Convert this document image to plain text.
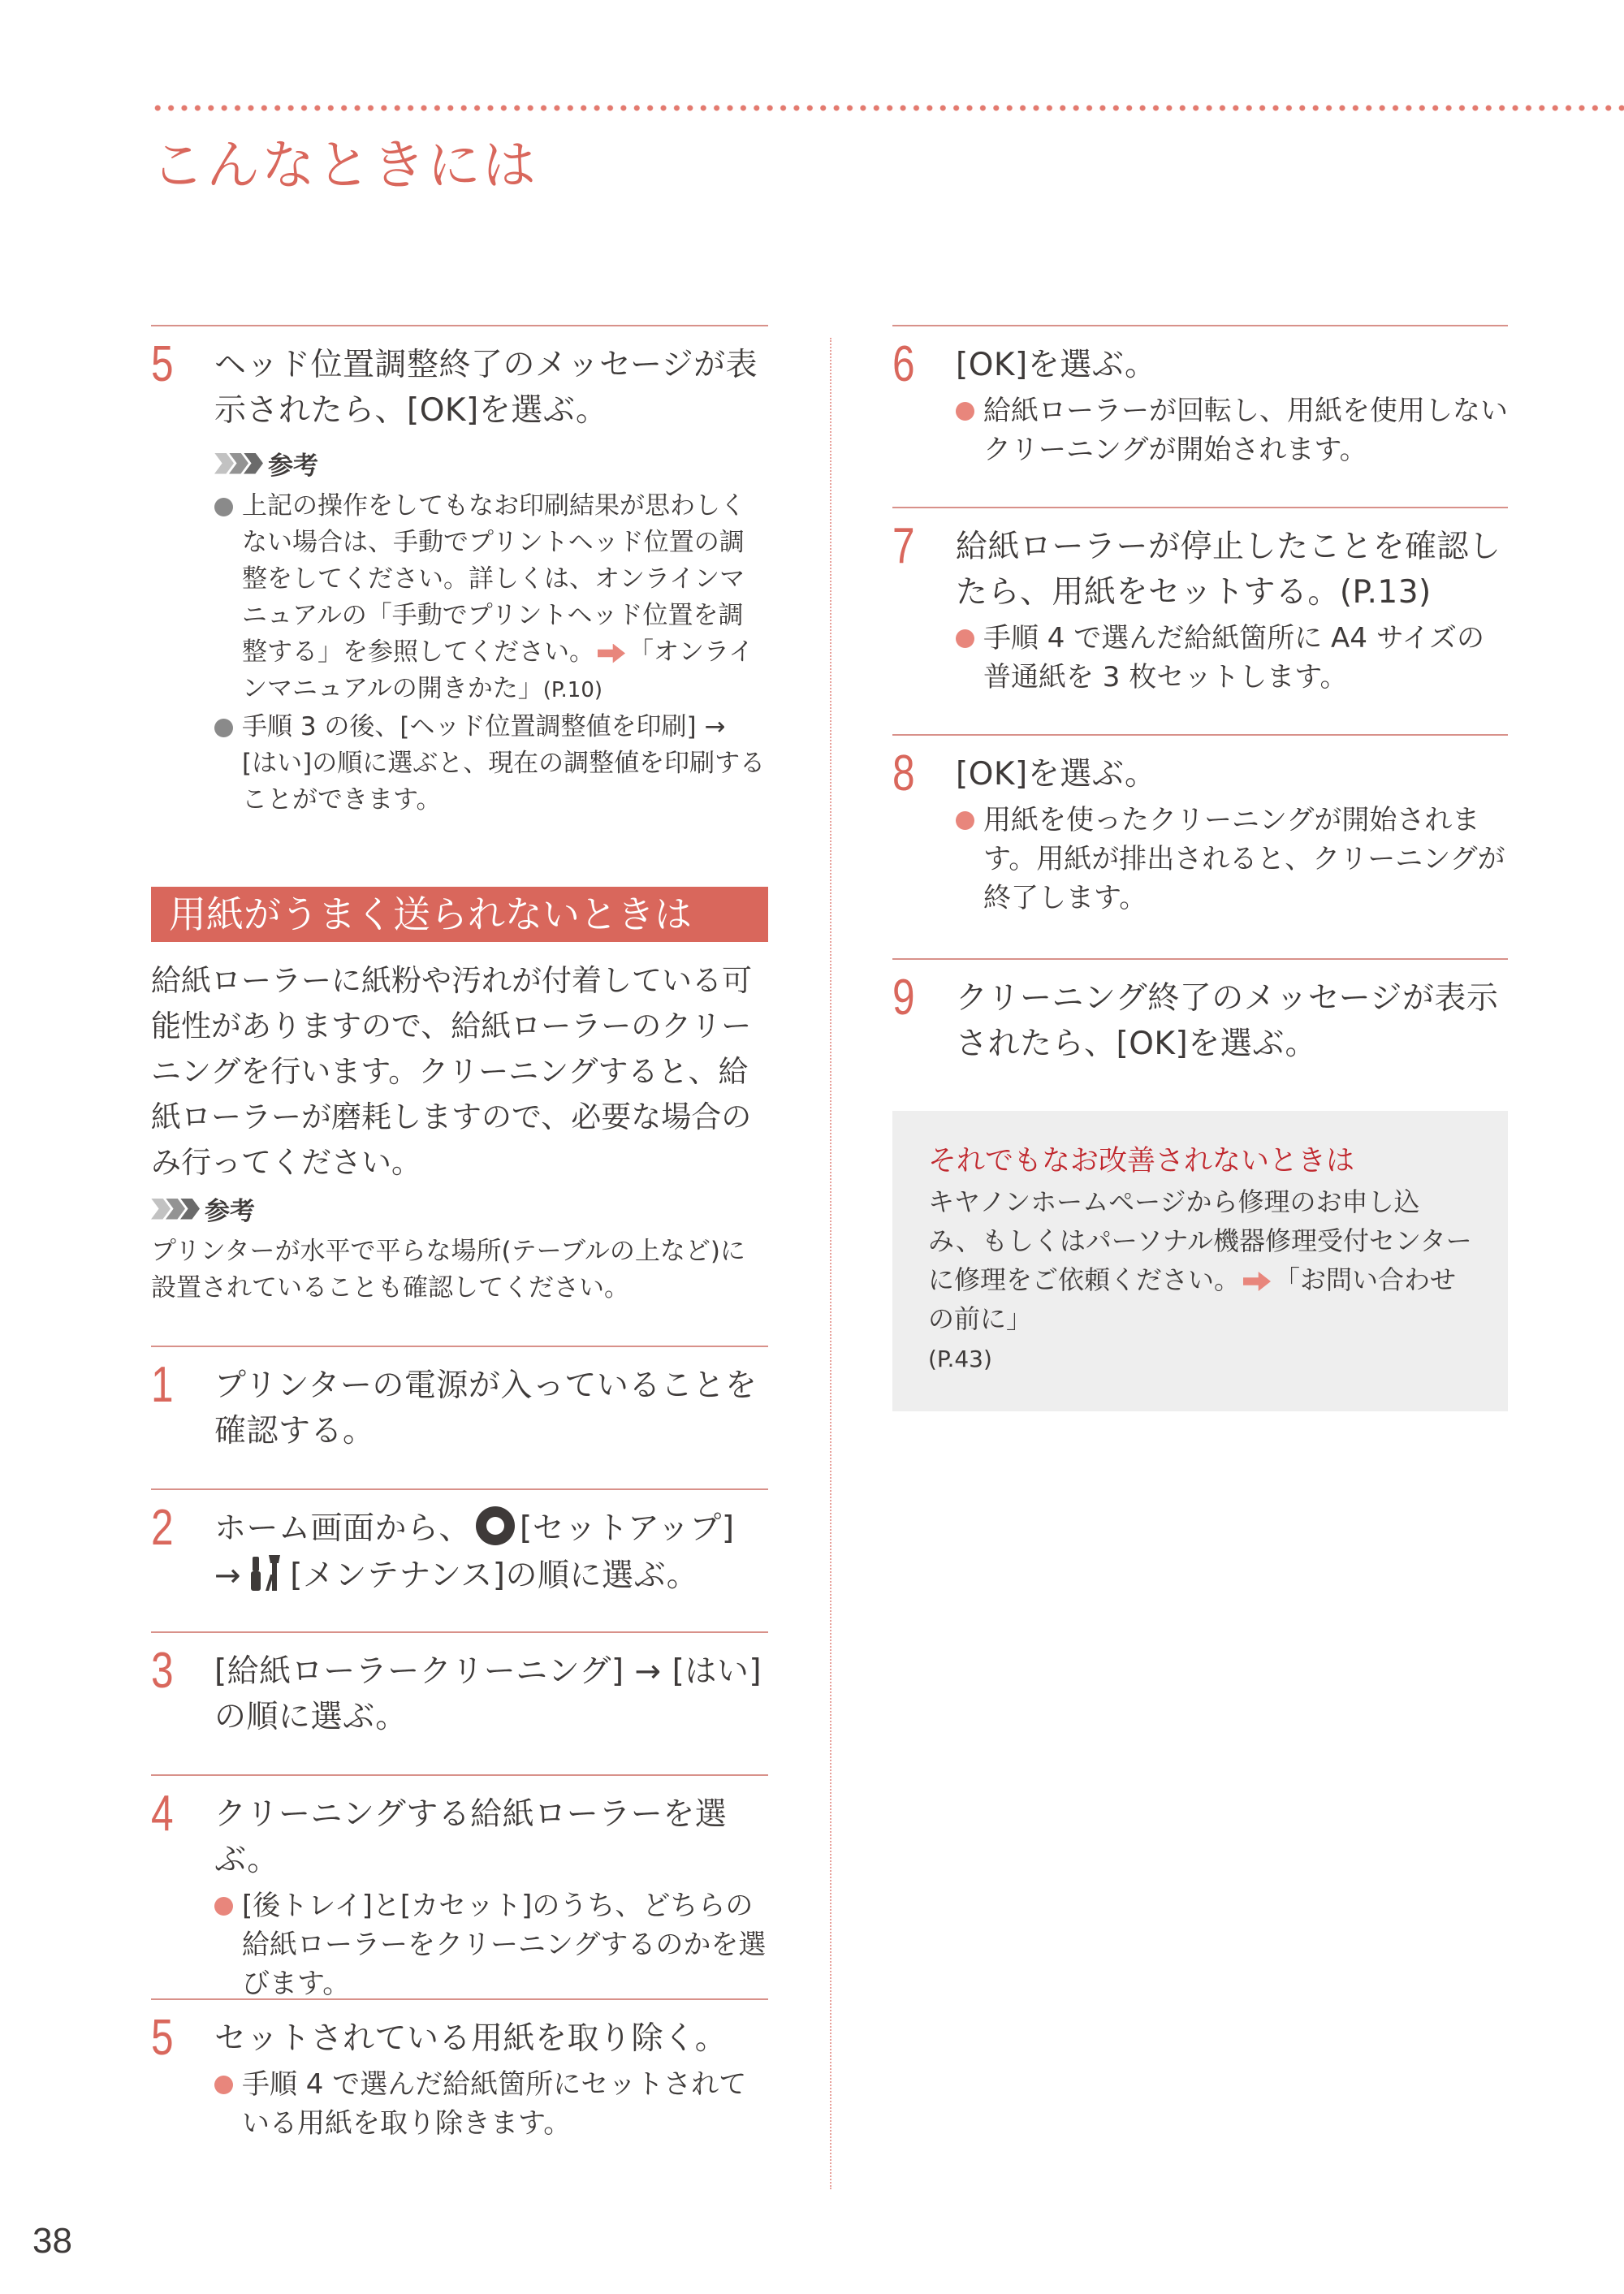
こんなときには
5 ヘッド位置調整終了のメッセージが表示されたら、[OK]を選ぶ。

参考
上記の操作をしてもなお印刷結果が思わしくない場合は、手動でプリントヘッド位置の調整をしてください。詳しくは、オンラインマニュアルの「手動でプリントヘッド位置を調整する」を参照してください。 「オンラインマニュアルの開きかた」(P.10)
手順 3 の後、[ヘッド位置調整値を印刷] → [はい]の順に選ぶと、現在の調整値を印刷することができます。
用紙がうまく送られないときは

給紙ローラーに紙粉や汚れが付着している可能性がありますので、給紙ローラーのクリーニングを行います。クリーニングすると、給紙ローラーが磨耗しますので、必要な場合のみ行ってください。

参考

プリンターが水平で平らな場所(テーブルの上など)に設置されていることも確認してください。

1 プリンターの電源が入っていることを確認する。

2 ホーム画面から、 [セットアップ]
→ [メンテナンス]の順に選ぶ。

3 [給紙ローラークリーニング] → [はい]の順に選ぶ。

4 クリーニングする給紙ローラーを選ぶ。

[後トレイ]と[カセット]のうち、どちらの給紙ローラーをクリーニングするのかを選びます。
5 セットされている用紙を取り除く。

手順 4 で選んだ給紙箇所にセットされている用紙を取り除きます。
6 [OK]を選ぶ。

給紙ローラーが回転し、用紙を使用しないクリーニングが開始されます。
7 給紙ローラーが停止したことを確認したら、用紙をセットする。(P.13)

手順 4 で選んだ給紙箇所に A4 サイズの普通紙を 3 枚セットします。
8 [OK]を選ぶ。

用紙を使ったクリーニングが開始されます。用紙が排出されると、クリーニングが終了します。
9 クリーニング終了のメッセージが表示されたら、[OK]を選ぶ。

それでもなお改善されないときは

キヤノンホームページから修理のお申し込み、もしくはパーソナル機器修理受付センターに修理をご依頼ください。 「お問い合わせの前に」
(P.43)

38
